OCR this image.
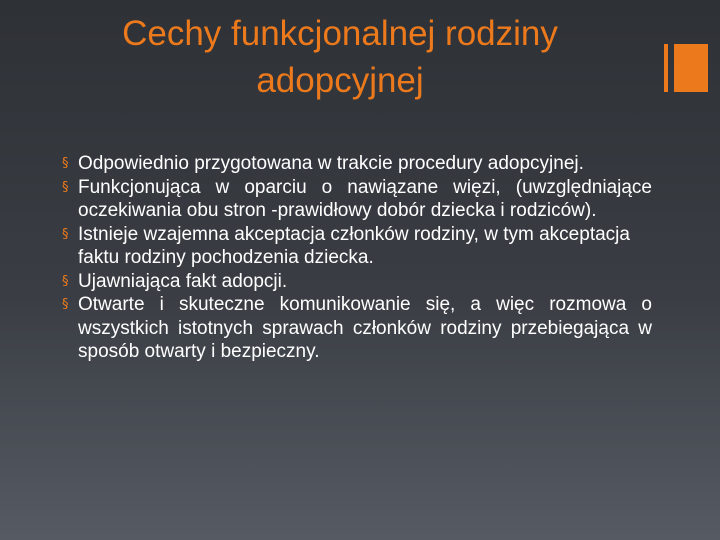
Cechy funkcjonalnej rodziny adopcyjnej
§ Odpowiednio przygotowana w trakcie procedury adopcyjnej.
§ Funkcjonująca w oparciu o nawiązane więzi, (uwzględniające oczekiwania obu stron -prawidłowy dobór dziecka i rodziców).
§ Istnieje wzajemna akceptacja członków rodziny, w tym akceptacja faktu rodziny pochodzenia dziecka.
§ Ujawniająca fakt adopcji.
§ Otwarte i skuteczne komunikowanie się, a więc rozmowa o wszystkich istotnych sprawach członków rodziny przebiegająca w sposób otwarty i bezpieczny.
